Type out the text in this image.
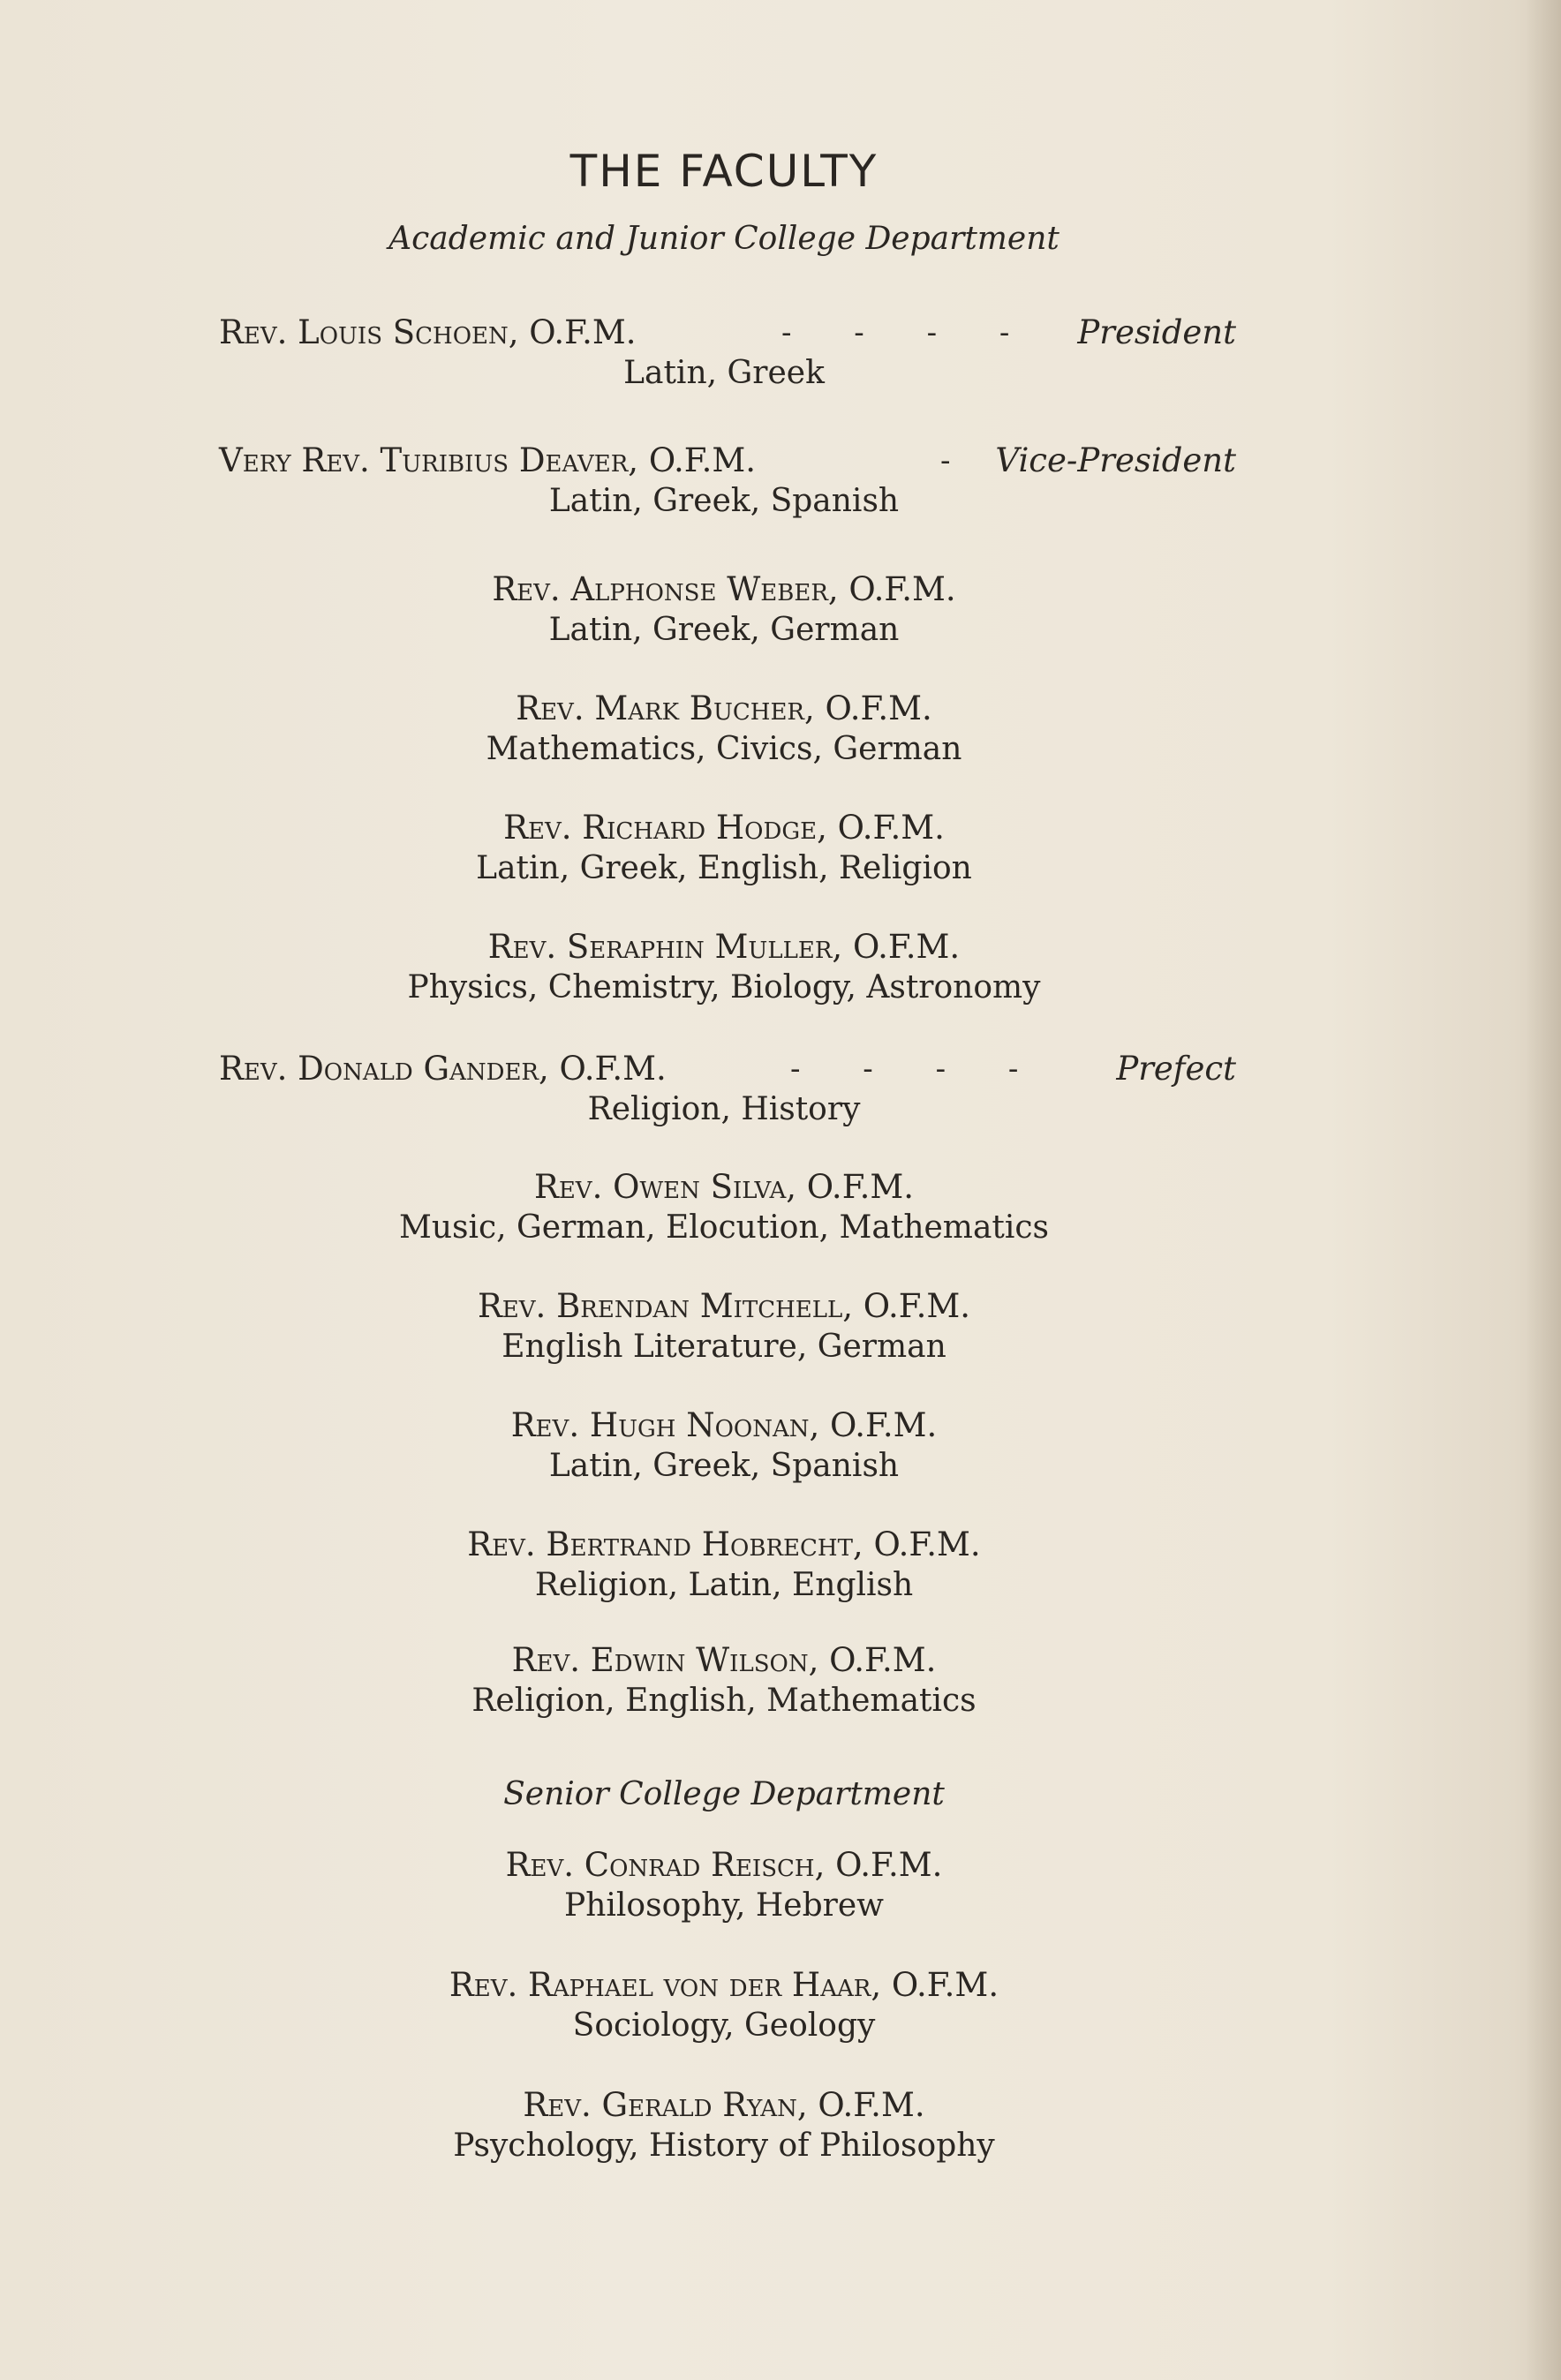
THE FACULTY
Academic and Junior College Department
Rev. Louis Schoen, O.F.M.	- - - - President
Latin, Greek
Very Rev. Turibius Deaver, O.F.M.	- Vice-President
Latin, Greek, Spanish
Rev. Alphonse Weber, O.F.M.
Latin, Greek, German
Rev. Mark Bucher, O.F.M.
Mathematics, Civics, German
Rev. Richard Hodge, O.F.M.
Latin, Greek, English, Religion
Rev. Seraphin Muller, O.F.M.
Physics, Chemistry, Biology, Astronomy
Rev. Donald Gander, O.F.M.	- - - - Prefect
Religion, History
Rev. Owen Silva, O.F.M.
Music, German, Elocution, Mathematics
Rev. Brendan Mitchell, O.F.M.
English Literature, German
Rev. Hugh Noonan, O.F.M.
Latin, Greek, Spanish
Rev. Bertrand Hobrecht, O.F.M.
Religion, Latin, English
Rev. Edwin Wilson, O.F.M.
Religion, English, Mathematics
Senior College Department
Rev. Conrad Reisch, O.F.M.
Philosophy, Hebrew
Rev. Raphael von der Haar, O.F.M.
Sociology, Geology
Rev. Gerald Ryan, O.F.M.
Psychology, History of Philosophy
